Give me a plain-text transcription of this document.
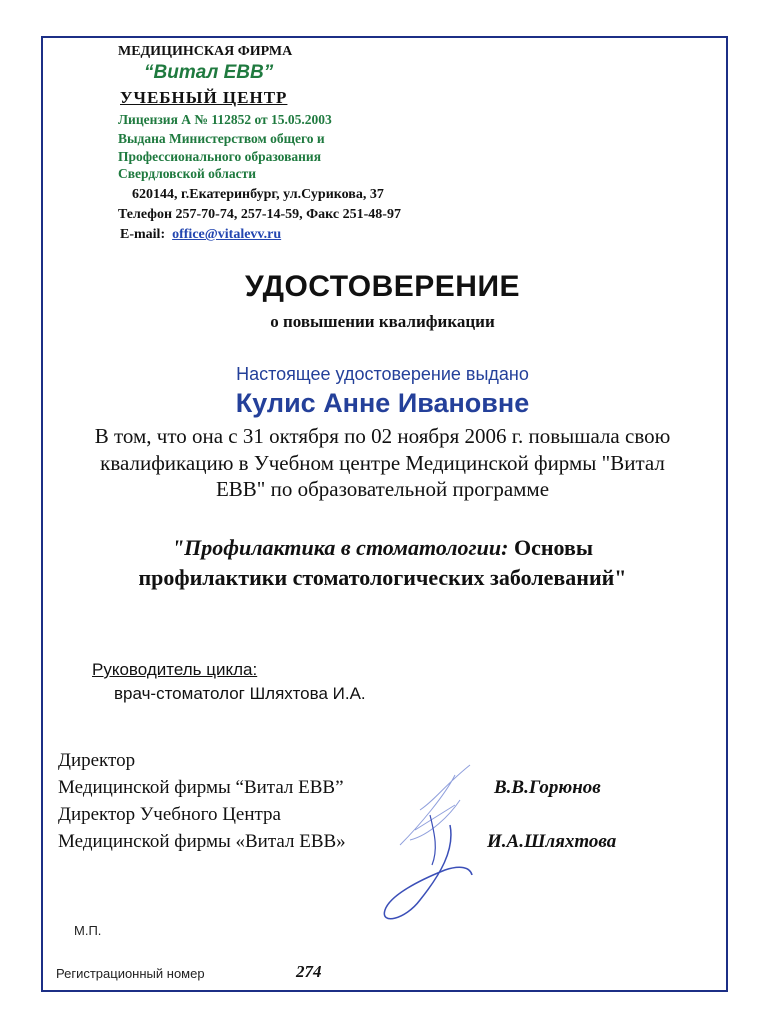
МЕДИЦИНСКАЯ ФИРМА
“Витал ЕВВ”
УЧЕБНЫЙ ЦЕНТР
Лицензия А № 112852 от 15.05.2003
Выдана Министерством общего и
Профессионального образования
Свердловской области
620144, г.Екатеринбург, ул.Сурикова, 37
Телефон 257-70-74, 257-14-59, Факс 251-48-97
E-mail: office@vitalevv.ru
УДОСТОВЕРЕНИЕ
о повышении квалификации
Настоящее удостоверение выдано
Кулис Анне Ивановне
В том, что она с 31 октября по 02 ноября 2006 г. повышала свою
квалификацию в Учебном центре Медицинской фирмы "Витал
ЕВВ" по образовательной программе
"Профилактика в стоматологии: Основы
профилактики стоматологических заболеваний"
Руководитель цикла:
врач-стоматолог Шляхтова И.А.
Директор
Медицинской фирмы “Витал ЕВВ”	В.В.Горюнов
Директор Учебного Центра
Медицинской фирмы «Витал ЕВВ»	И.А.Шляхтова
М.П.
Регистрационный номер	274
